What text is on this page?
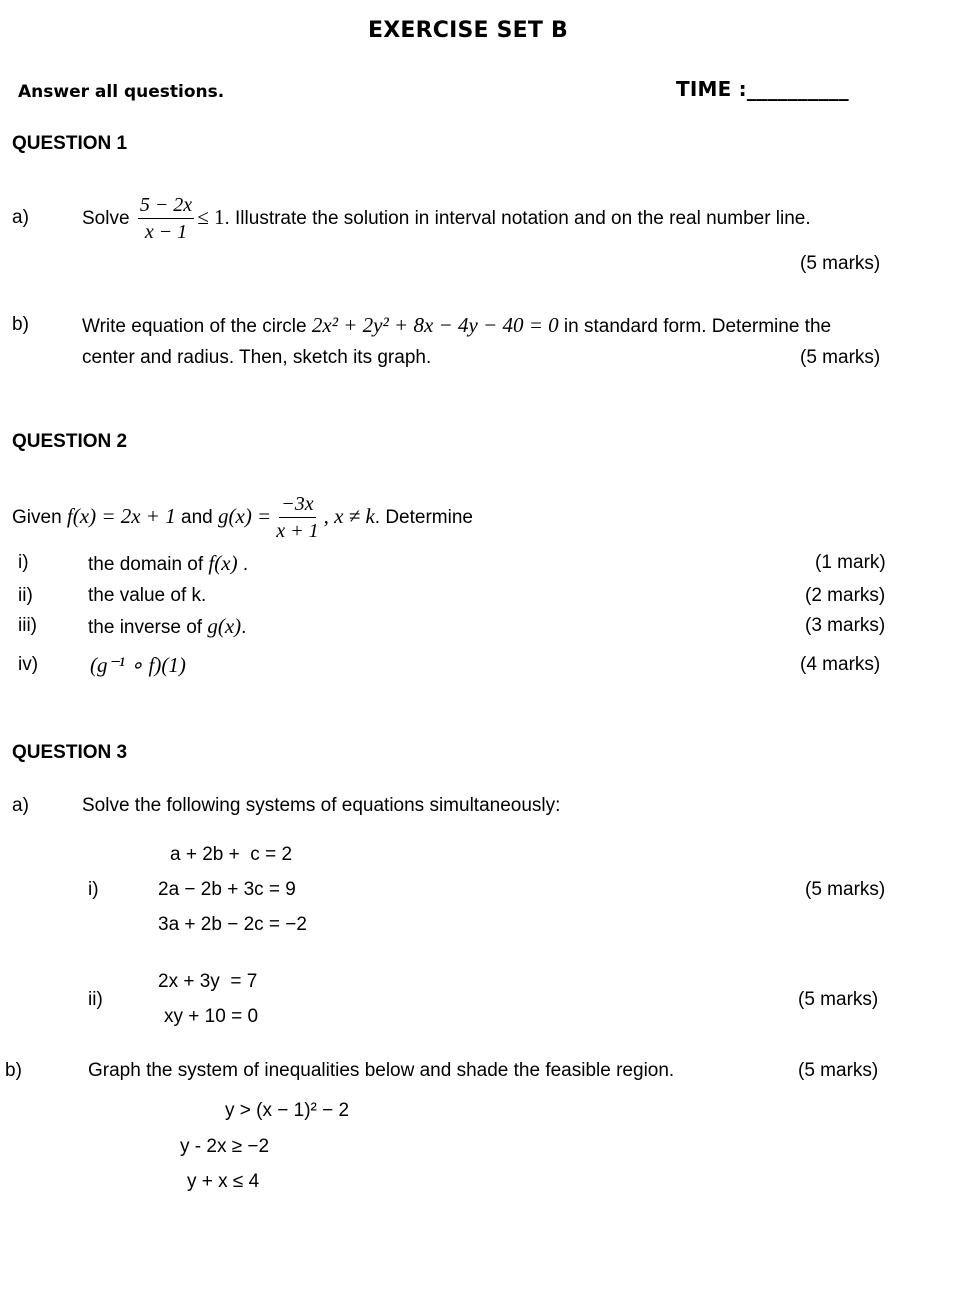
EXERCISE SET B
Answer all questions.	TIME :__________
QUESTION 1
a)	Solve $\frac{5 - 2x}{x - 1} \le 1$. Illustrate the solution in interval notation and on the real number line.
(5 marks)
b)	Write equation of the circle 2x² + 2y² + 8x − 4y − 40 = 0 in standard form. Determine the
center and radius. Then, sketch its graph.	(5 marks)
QUESTION 2
Given f(x) = 2x + 1 and $g(x) = \frac{-3x}{x + 1}$ , x ≠ k. Determine
i)	the domain of f(x) .	(1 mark)
ii)	the value of k.	(2 marks)
iii)	the inverse of g(x).	(3 marks)
iv) (g⁻¹ ∘ f)(1)	(4 marks)
QUESTION 3
a)	Solve the following systems of equations simultaneously:
i)
a + 2b +  c = 2
2a − 2b + 3c = 9
3a + 2b − 2c = −2
(5 marks)
ii)
2x + 3y  = 7
xy + 10 = 0
(5 marks)
b)	Graph the system of inequalities below and shade the feasible region.	(5 marks)
y > (x − 1)² − 2
y - 2x ≥ −2
y + x ≤ 4
